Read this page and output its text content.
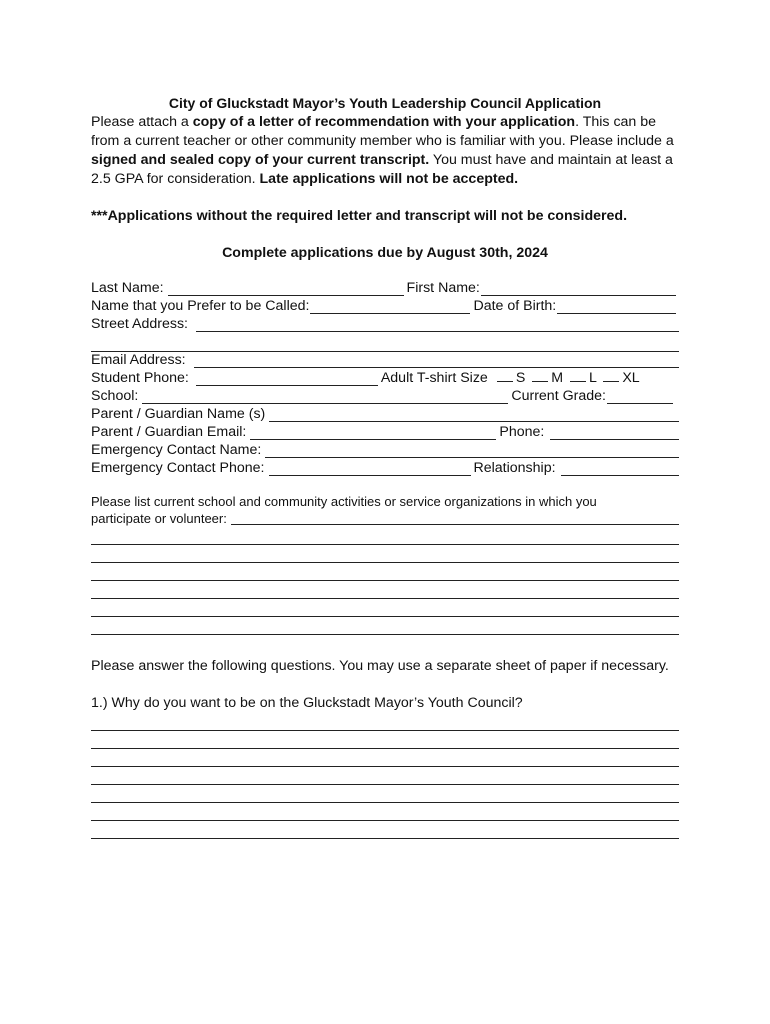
City of Gluckstadt Mayor’s Youth Leadership Council Application

Please attach a copy of a letter of recommendation with your application. This can be from a current teacher or other community member who is familiar with you. Please include a signed and sealed copy of your current transcript. You must have and maintain at least a 2.5 GPA for consideration. Late applications will not be accepted.

***Applications without the required letter and transcript will not be considered.

Complete applications due by August 30th, 2024

Last Name:	First Name:
Name that you Prefer to be Called:	Date of Birth:
Street Address:
Email Address:
Student Phone:	Adult T-shirt Size	S M L XL
School:	Current Grade:
Parent / Guardian Name (s)
Parent / Guardian Email:	Phone:
Emergency Contact Name:
Emergency Contact Phone:	Relationship:

Please list current school and community activities or service organizations in which you

participate or volunteer:

Please answer the following questions. You may use a separate sheet of paper if necessary.

1.) Why do you want to be on the Gluckstadt Mayor’s Youth Council?
